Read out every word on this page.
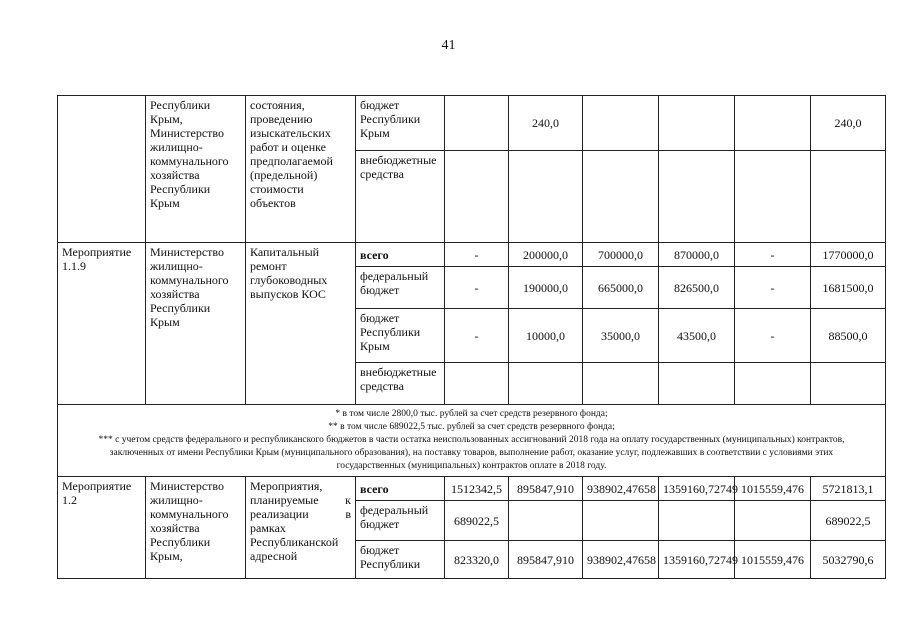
41
	Республики Крым, Министерство жилищно-коммунального хозяйства Республики Крым	состояния, проведению изыскательских работ и оценке предполагаемой (предельной) стоимости объектов	бюджет Республики Крым		240,0				240,0
			внебюджетные средства						
Мероприятие 1.1.9	Министерство жилищно-коммунального хозяйства Республики Крым	Капитальный ремонт глубоководных выпусков КОС	всего	-	200000,0	700000,0	870000,0	-	1770000,0
			федеральный бюджет	-	190000,0	665000,0	826500,0	-	1681500,0
			бюджет Республики Крым	-	10000,0	35000,0	43500,0	-	88500,0
			внебюджетные средства						

* в том числе 2800,0 тыс. рублей за счет средств резервного фонда;
** в том числе 689022,5 тыс. рублей за счет средств резервного фонда;
*** с учетом средств федерального и республиканского бюджетов в части остатка неиспользованных ассигнований 2018 года на оплату государственных (муниципальных) контрактов, заключенных от имени Республики Крым (муниципального образования), на поставку товаров, выполнение работ, оказание услуг, подлежавших в соответствии с условиями этих государственных (муниципальных) контрактов оплате в 2018 году.									

Мероприятие 1.2	Министерство жилищно-коммунального хозяйства Республики Крым,	Мероприятия, планируемые к реализации в рамках Республиканской адресной	всего	1512342,5	895847,910	938902,47658	1359160,72749	1015559,476	5721813,1
			федеральный бюджет	689022,5					689022,5
			бюджет Республики	823320,0	895847,910	938902,47658	1359160,72749	1015559,476	5032790,6
